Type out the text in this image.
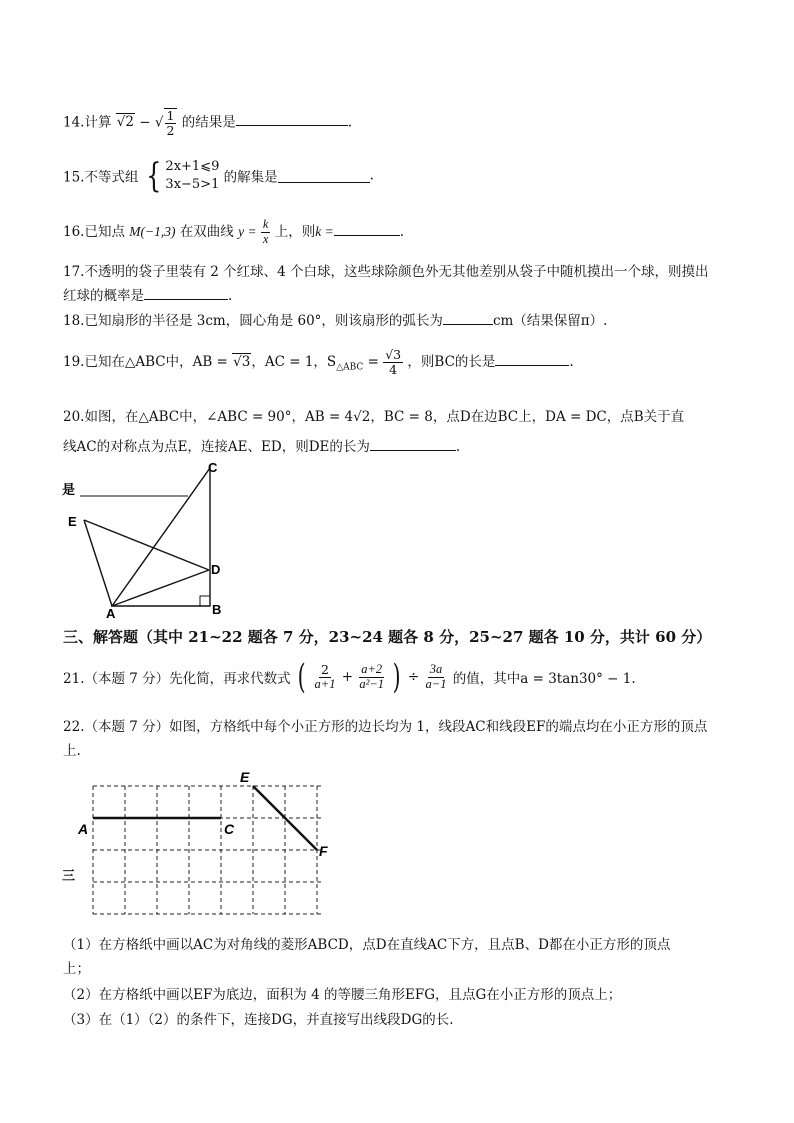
14.计算 √2 − √ $\frac{1}{2}$ 的结果是	.
15.不等式组 { 2x+1⩽9
3x−5>1 的解集是	.
16.已知点 M(−1,3) 在双曲线 $y = \frac{k}{x}$ 上，则k =	.
17.不透明的袋子里装有 2 个红球、4 个白球，这些球除颜色外无其他差别从袋子中随机摸出一个球，则摸出
红球的概率是	.
18.已知扇形的半径是 3cm，圆心角是 60°，则该扇形的弧长为	cm（结果保留π）.
19.已知在△ABC中，AB = √3，AC = 1，$S_{\triangle ABC} = \frac{√3}{4}$ ，则BC的长是	.
20.如图，在△ABC中，∠ABC = 90°，AB = 4√2，BC = 8，点D在边BC上，DA = DC，点B关于直
线AC的对称点为点E，连接AE、ED，则DE的长为	.
是
C
E
D
A	B
三、解答题（其中 21~22 题各 7 分，23~24 题各 8 分，25~27 题各 10 分，共计 60 分）
21.（本题 7 分）先化简，再求代数式 ( $\frac{2}{a+1} + \frac{a+2}{\text{a²−1}}$ ) ÷ $\frac{3a}{a-1}$ 的值，其中a = 3tan30° − 1.
22.（本题 7 分）如图，方格纸中每个小正方形的边长均为 1，线段AC和线段EF的端点均在小正方形的顶点
上.
A	C
E
F
三
（1）在方格纸中画以AC为对角线的菱形ABCD，点D在直线AC下方，且点B、D都在小正方形的顶点
上；
（2）在方格纸中画以EF为底边，面积为 4 的等腰三角形EFG，且点G在小正方形的顶点上；
（3）在（1）（2）的条件下，连接DG，并直接写出线段DG的长.
